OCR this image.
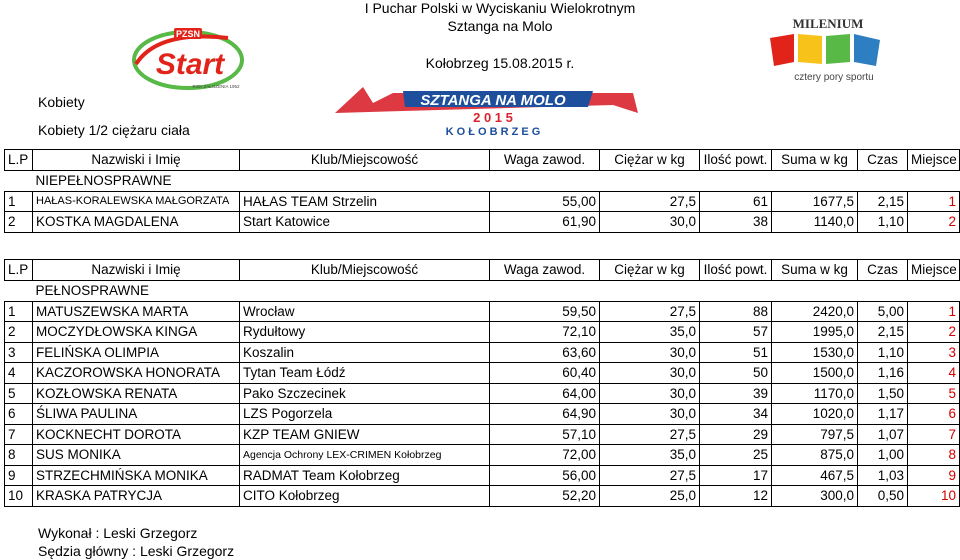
I Puchar Polski w Wyciskaniu Wielokrotnym
Sztanga na Molo
Kołobrzeg 15.08.2015 r.
Kobiety
Kobiety 1/2 ciężaru ciała
PZSN
Start
ROK ZAŁOŻENIA 1952
SZTANGA NA MOLO
2 0 1 5
K O Ł O B R Z E G
MILENIUM
cztery pory sportu
L.P	Nazwiski i Imię	Klub/Miejscowość	Waga zawod.	Ciężar w kg	Ilość powt.	Suma w kg	Czas	Miejsce
	NIEPEŁNOSPRAWNE							
1	HAŁAS-KORALEWSKA MAŁGORZATA	HAŁAS TEAM Strzelin	55,00	27,5	61	1677,5	2,15	1
2	KOSTKA MAGDALENA	Start Katowice	61,90	30,0	38	1140,0	1,10	2
L.P	Nazwiski i Imię	Klub/Miejscowość	Waga zawod.	Ciężar w kg	Ilość powt.	Suma w kg	Czas	Miejsce
	PEŁNOSPRAWNE							
1	MATUSZEWSKA MARTA	Wrocław	59,50	27,5	88	2420,0	5,00	1
2	MOCZYDŁOWSKA KINGA	Rydułtowy	72,10	35,0	57	1995,0	2,15	2
3	FELIŃSKA OLIMPIA	Koszalin	63,60	30,0	51	1530,0	1,10	3
4	KACZOROWSKA HONORATA	Tytan Team Łódź	60,40	30,0	50	1500,0	1,16	4
5	KOZŁOWSKA RENATA	Pako Szczecinek	64,00	30,0	39	1170,0	1,50	5
6	ŚLIWA PAULINA	LZS Pogorzela	64,90	30,0	34	1020,0	1,17	6
7	KOCKNECHT DOROTA	KZP TEAM GNIEW	57,10	27,5	29	797,5	1,07	7
8	SUS MONIKA	Agencja Ochrony LEX-CRIMEN Kołobrzeg	72,00	35,0	25	875,0	1,00	8
9	STRZECHMIŃSKA MONIKA	RADMAT Team Kołobrzeg	56,00	27,5	17	467,5	1,03	9
10	KRASKA PATRYCJA	CITO Kołobrzeg	52,20	25,0	12	300,0	0,50	10
Wykonał : Leski Grzegorz
Sędzia główny : Leski Grzegorz
